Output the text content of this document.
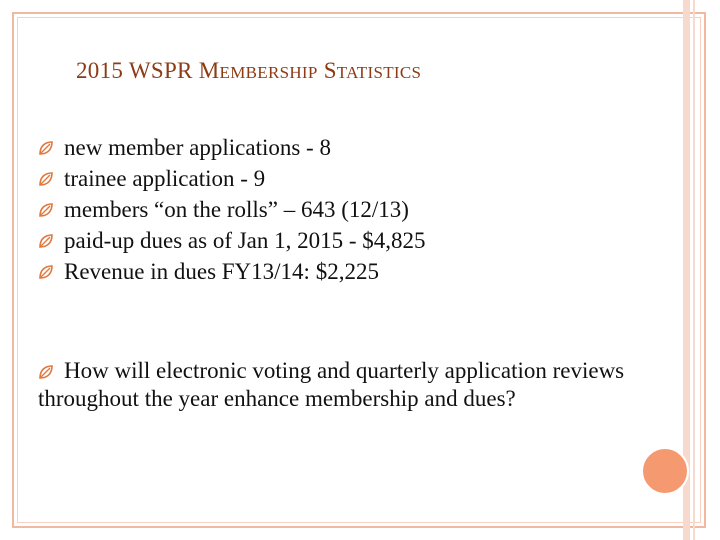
2015 WSPR MEMBERSHIP STATISTICS
new member applications - 8
trainee application - 9
members “on the rolls” – 643 (12/13)
paid-up dues as of Jan 1, 2015 - $4,825
Revenue in dues FY13/14: $2,225
How will electronic voting and quarterly application reviews throughout the year enhance membership and dues?
